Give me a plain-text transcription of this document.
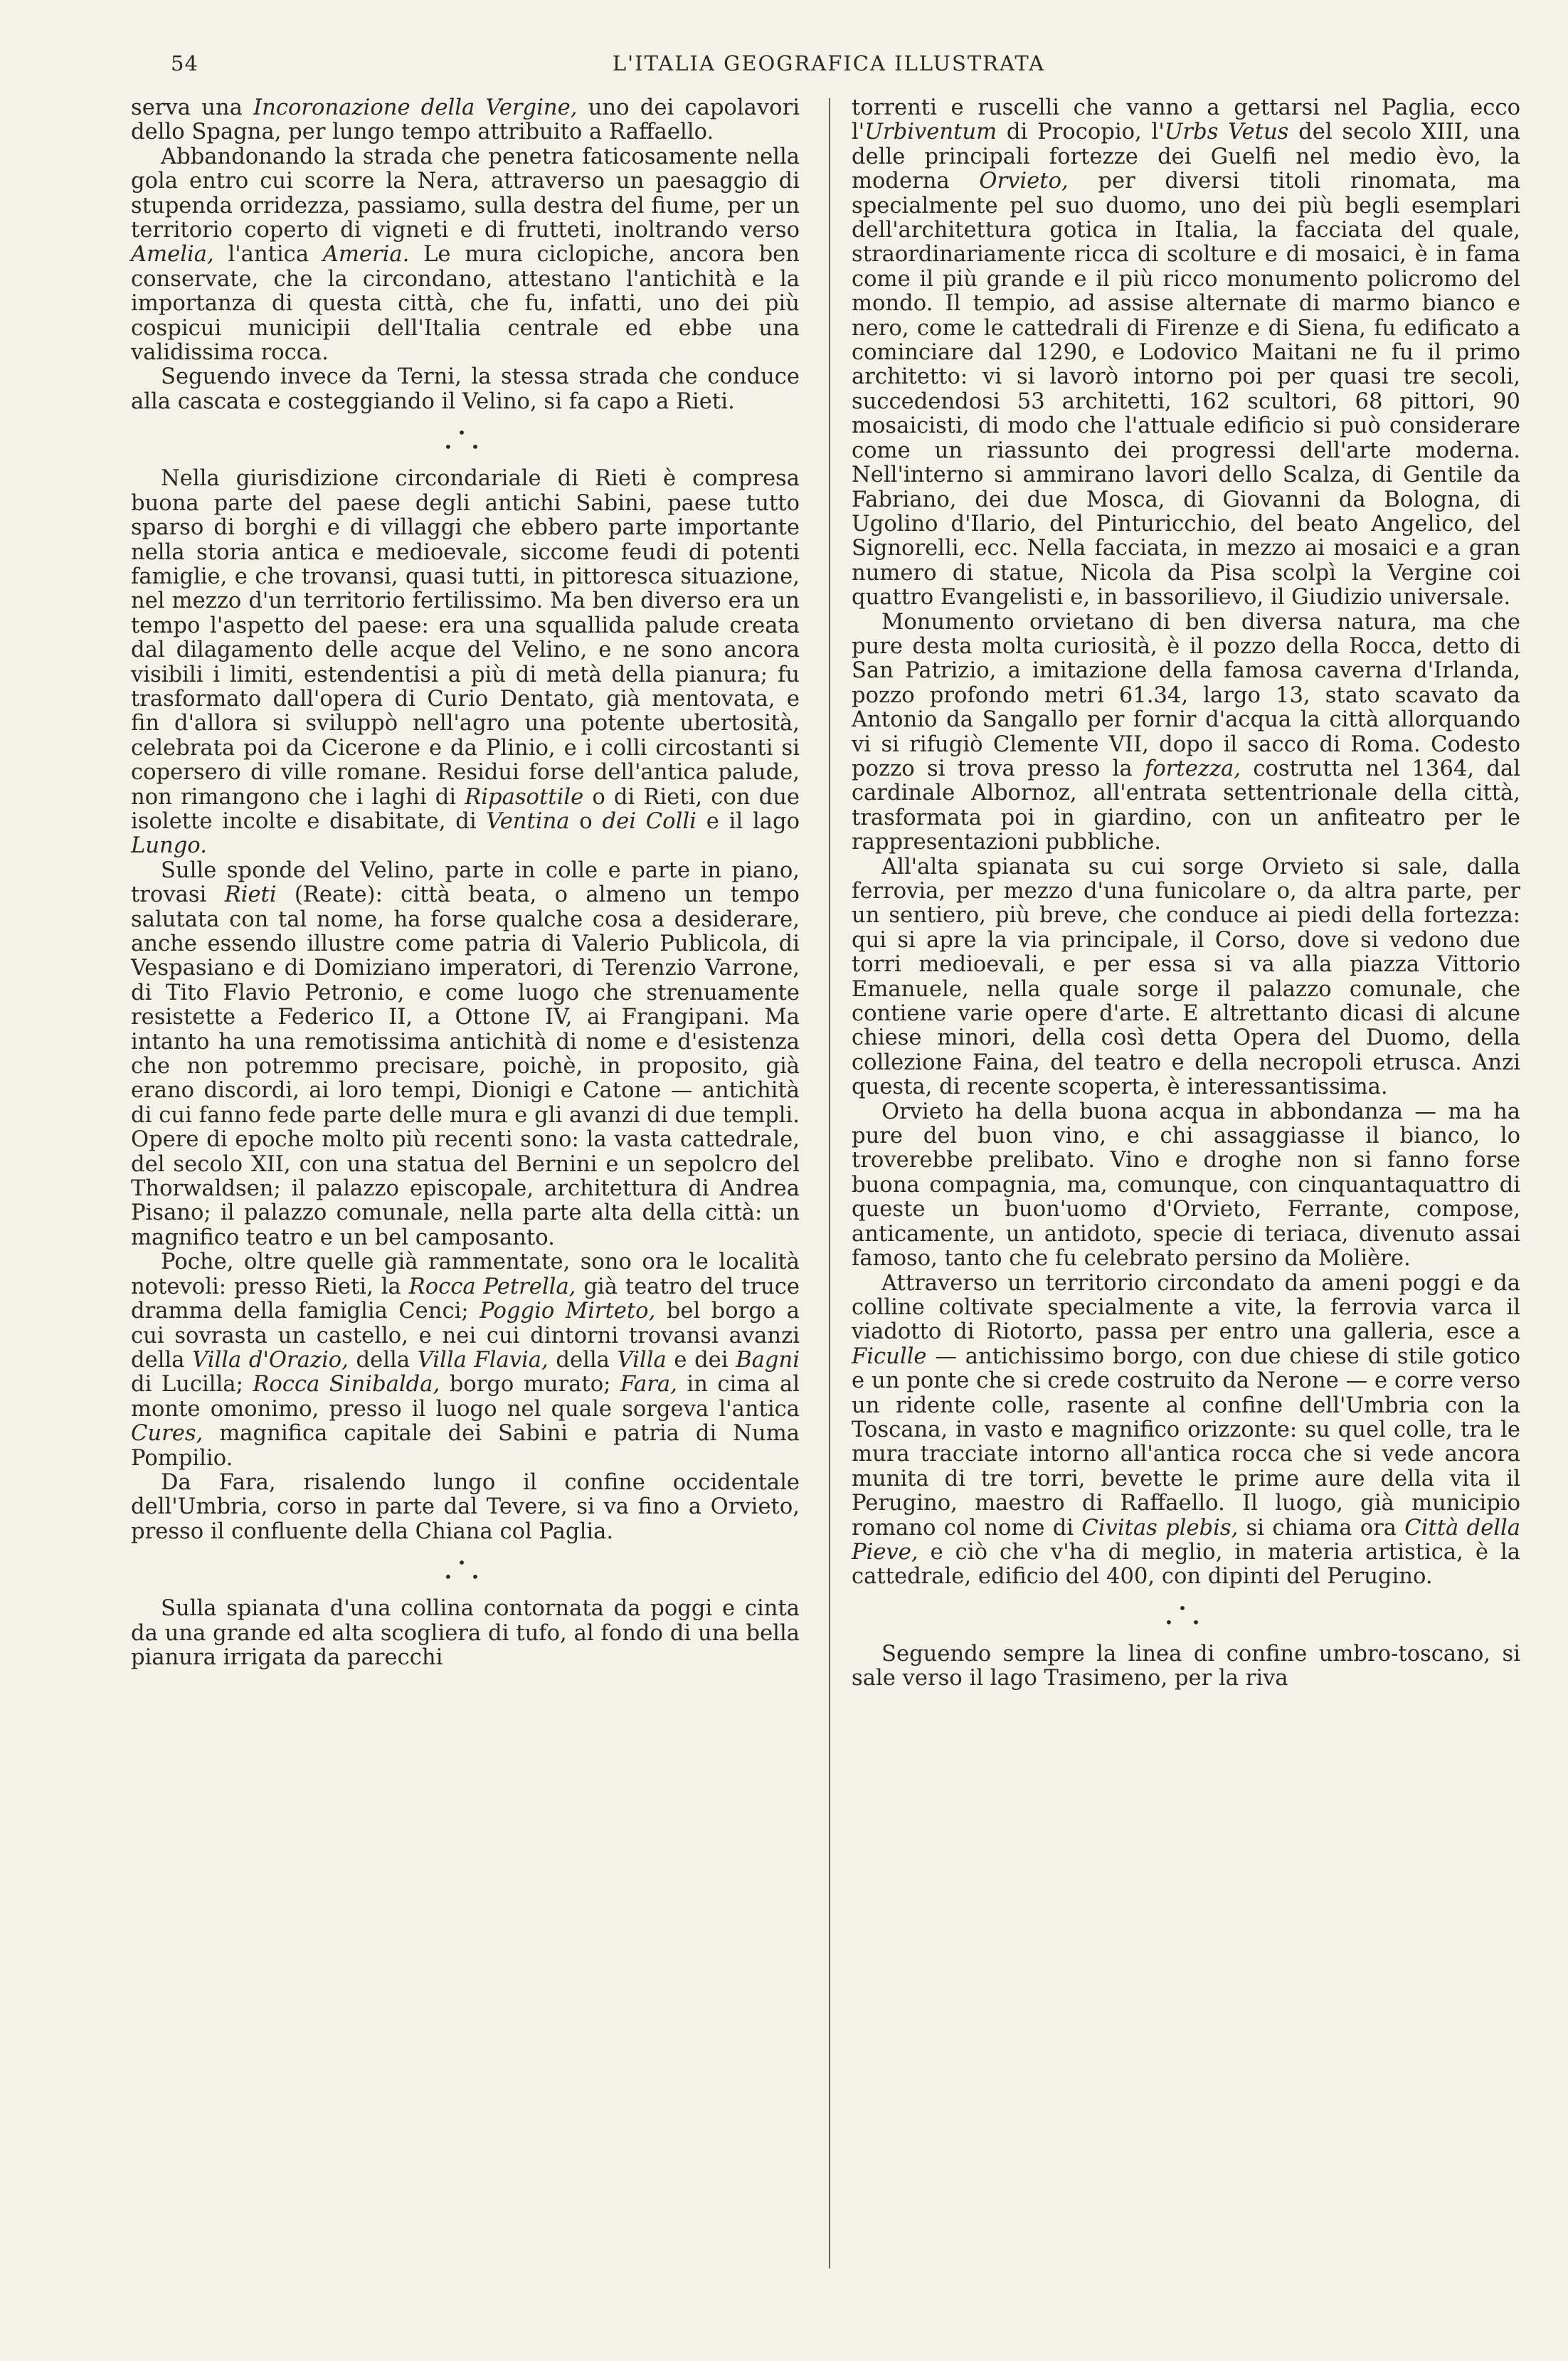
54	L'ITALIA GEOGRAFICA ILLUSTRATA

serva una Incoronazione della Vergine, uno dei capolavori dello Spagna, per lungo tempo attribuito a Raffaello.

Abbandonando la strada che penetra faticosamente nella gola entro cui scorre la Nera, attraverso un paesaggio di stupenda orridezza, passiamo, sulla destra del fiume, per un territorio coperto di vigneti e di frutteti, inoltrando verso Amelia, l'antica Ameria. Le mura ciclopiche, ancora ben conservate, che la circondano, attestano l'antichità e la importanza di questa città, che fu, infatti, uno dei più cospicui municipii dell'Italia centrale ed ebbe una validissima rocca.

Seguendo invece da Terni, la stessa strada che conduce alla cascata e costeggiando il Velino, si fa capo a Rieti.

•
• •

Nella giurisdizione circondariale di Rieti è compresa buona parte del paese degli antichi Sabini, paese tutto sparso di borghi e di villaggi che ebbero parte importante nella storia antica e medioevale, siccome feudi di potenti famiglie, e che trovansi, quasi tutti, in pittoresca situazione, nel mezzo d'un territorio fertilissimo. Ma ben diverso era un tempo l'aspetto del paese: era una squallida palude creata dal dilagamento delle acque del Velino, e ne sono ancora visibili i limiti, estendentisi a più di metà della pianura; fu trasformato dall'opera di Curio Dentato, già mentovata, e fin d'allora si sviluppò nell'agro una potente ubertosità, celebrata poi da Cicerone e da Plinio, e i colli circostanti si copersero di ville romane. Residui forse dell'antica palude, non rimangono che i laghi di Ripasottile o di Rieti, con due isolette incolte e disabitate, di Ventina o dei Colli e il lago Lungo.

Sulle sponde del Velino, parte in colle e parte in piano, trovasi Rieti (Reate): città beata, o almeno un tempo salutata con tal nome, ha forse qualche cosa a desiderare, anche essendo illustre come patria di Valerio Publicola, di Vespasiano e di Domiziano imperatori, di Terenzio Varrone, di Tito Flavio Petronio, e come luogo che strenuamente resistette a Federico II, a Ottone IV, ai Frangipani. Ma intanto ha una remotissima antichità di nome e d'esistenza che non potremmo precisare, poichè, in proposito, già erano discordi, ai loro tempi, Dionigi e Catone — antichità di cui fanno fede parte delle mura e gli avanzi di due templi. Opere di epoche molto più recenti sono: la vasta cattedrale, del secolo XII, con una statua del Bernini e un sepolcro del Thorwaldsen; il palazzo episcopale, architettura di Andrea Pisano; il palazzo comunale, nella parte alta della città: un magnifico teatro e un bel camposanto.

Poche, oltre quelle già rammentate, sono ora le località notevoli: presso Rieti, la Rocca Petrella, già teatro del truce dramma della famiglia Cenci; Poggio Mirteto, bel borgo a cui sovrasta un castello, e nei cui dintorni trovansi avanzi della Villa d'Orazio, della Villa Flavia, della Villa e dei Bagni di Lucilla; Rocca Sinibalda, borgo murato; Fara, in cima al monte omonimo, presso il luogo nel quale sorgeva l'antica Cures, magnifica capitale dei Sabini e patria di Numa Pompilio.

Da Fara, risalendo lungo il confine occidentale dell'Umbria, corso in parte dal Tevere, si va fino a Orvieto, presso il confluente della Chiana col Paglia.

•
• •

Sulla spianata d'una collina contornata da poggi e cinta da una grande ed alta scogliera di tufo, al fondo di una bella pianura irrigata da parecchi

torrenti e ruscelli che vanno a gettarsi nel Paglia, ecco l'Urbiventum di Procopio, l'Urbs Vetus del secolo XIII, una delle principali fortezze dei Guelfi nel medio èvo, la moderna Orvieto, per diversi titoli rinomata, ma specialmente pel suo duomo, uno dei più begli esemplari dell'architettura gotica in Italia, la facciata del quale, straordinariamente ricca di scolture e di mosaici, è in fama come il più grande e il più ricco monumento policromo del mondo. Il tempio, ad assise alternate di marmo bianco e nero, come le cattedrali di Firenze e di Siena, fu edificato a cominciare dal 1290, e Lodovico Maitani ne fu il primo architetto: vi si lavorò intorno poi per quasi tre secoli, succedendosi 53 architetti, 162 scultori, 68 pittori, 90 mosaicisti, di modo che l'attuale edificio si può considerare come un riassunto dei progressi dell'arte moderna. Nell'interno si ammirano lavori dello Scalza, di Gentile da Fabriano, dei due Mosca, di Giovanni da Bologna, di Ugolino d'Ilario, del Pinturicchio, del beato Angelico, del Signorelli, ecc. Nella facciata, in mezzo ai mosaici e a gran numero di statue, Nicola da Pisa scolpì la Vergine coi quattro Evangelisti e, in bassorilievo, il Giudizio universale.

Monumento orvietano di ben diversa natura, ma che pure desta molta curiosità, è il pozzo della Rocca, detto di San Patrizio, a imitazione della famosa caverna d'Irlanda, pozzo profondo metri 61.34, largo 13, stato scavato da Antonio da Sangallo per fornir d'acqua la città allorquando vi si rifugiò Clemente VII, dopo il sacco di Roma. Codesto pozzo si trova presso la fortezza, costrutta nel 1364, dal cardinale Albornoz, all'entrata settentrionale della città, trasformata poi in giardino, con un anfiteatro per le rappresentazioni pubbliche.

All'alta spianata su cui sorge Orvieto si sale, dalla ferrovia, per mezzo d'una funicolare o, da altra parte, per un sentiero, più breve, che conduce ai piedi della fortezza: qui si apre la via principale, il Corso, dove si vedono due torri medioevali, e per essa si va alla piazza Vittorio Emanuele, nella quale sorge il palazzo comunale, che contiene varie opere d'arte. E altrettanto dicasi di alcune chiese minori, della così detta Opera del Duomo, della collezione Faina, del teatro e della necropoli etrusca. Anzi questa, di recente scoperta, è interessantissima.

Orvieto ha della buona acqua in abbondanza — ma ha pure del buon vino, e chi assaggiasse il bianco, lo troverebbe prelibato. Vino e droghe non si fanno forse buona compagnia, ma, comunque, con cinquantaquattro di queste un buon'uomo d'Orvieto, Ferrante, compose, anticamente, un antidoto, specie di teriaca, divenuto assai famoso, tanto che fu celebrato persino da Molière.

Attraverso un territorio circondato da ameni poggi e da colline coltivate specialmente a vite, la ferrovia varca il viadotto di Riotorto, passa per entro una galleria, esce a Ficulle — antichissimo borgo, con due chiese di stile gotico e un ponte che si crede costruito da Nerone — e corre verso un ridente colle, rasente al confine dell'Umbria con la Toscana, in vasto e magnifico orizzonte: su quel colle, tra le mura tracciate intorno all'antica rocca che si vede ancora munita di tre torri, bevette le prime aure della vita il Perugino, maestro di Raffaello. Il luogo, già municipio romano col nome di Civitas plebis, si chiama ora Città della Pieve, e ciò che v'ha di meglio, in materia artistica, è la cattedrale, edificio del 400, con dipinti del Perugino.

•
• •

Seguendo sempre la linea di confine umbro-toscano, si sale verso il lago Trasimeno, per la riva
